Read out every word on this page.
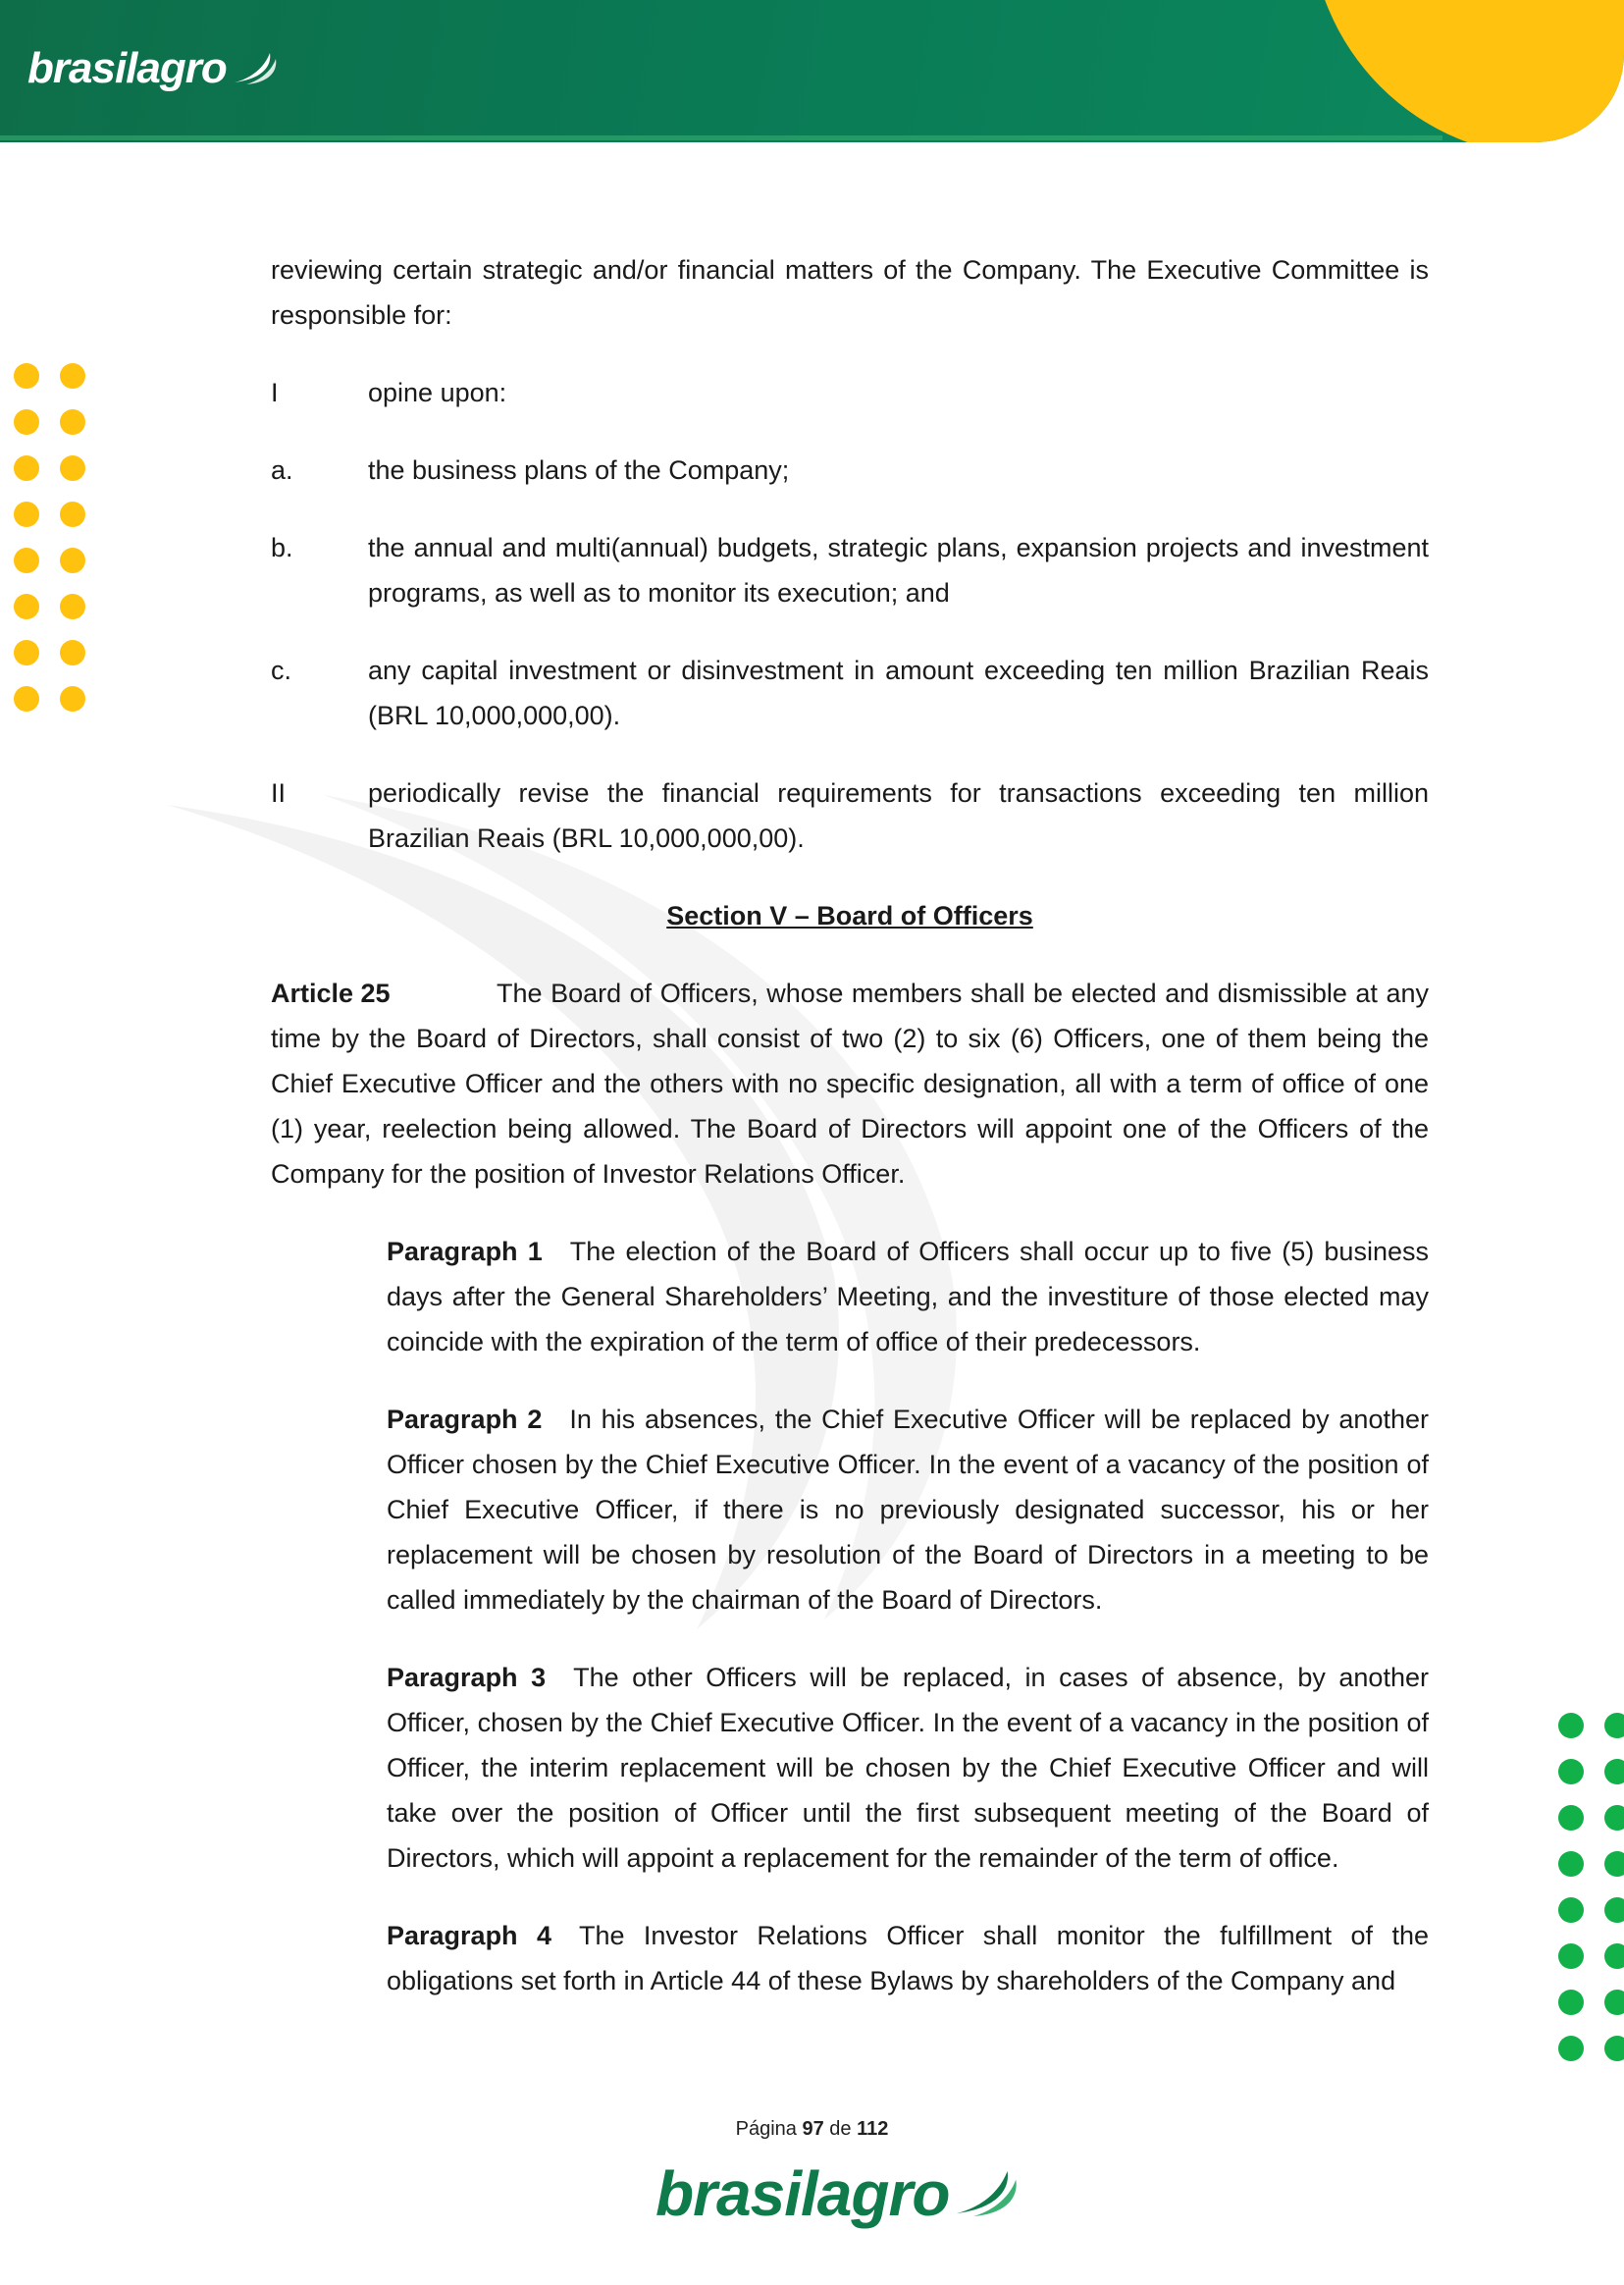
brasilagro

reviewing certain strategic and/or financial matters of the Company. The Executive Committee is responsible for:

I	opine upon:
a.	the business plans of the Company;
b.	the annual and multi(annual) budgets, strategic plans, expansion projects and investment programs, as well as to monitor its execution; and
c.	any capital investment or disinvestment in amount exceeding ten million Brazilian Reais (BRL 10,000,000,00).
II	periodically revise the financial requirements for transactions exceeding ten million Brazilian Reais (BRL 10,000,000,00).
Section V – Board of Officers

Article 25	The Board of Officers, whose members shall be elected and dismissible at any time by the Board of Directors, shall consist of two (2) to six (6) Officers, one of them being the Chief Executive Officer and the others with no specific designation, all with a term of office of one (1) year, reelection being allowed. The Board of Directors will appoint one of the Officers of the Company for the position of Investor Relations Officer.

Paragraph 1 The election of the Board of Officers shall occur up to five (5) business days after the General Shareholders’ Meeting, and the investiture of those elected may coincide with the expiration of the term of office of their predecessors.

Paragraph 2 In his absences, the Chief Executive Officer will be replaced by another Officer chosen by the Chief Executive Officer. In the event of a vacancy of the position of Chief Executive Officer, if there is no previously designated successor, his or her replacement will be chosen by resolution of the Board of Directors in a meeting to be called immediately by the chairman of the Board of Directors.

Paragraph 3 The other Officers will be replaced, in cases of absence, by another Officer, chosen by the Chief Executive Officer. In the event of a vacancy in the position of Officer, the interim replacement will be chosen by the Chief Executive Officer and will take over the position of Officer until the first subsequent meeting of the Board of Directors, which will appoint a replacement for the remainder of the term of office.

Paragraph 4 The Investor Relations Officer shall monitor the fulfillment of the obligations set forth in Article 44 of these Bylaws by shareholders of the Company and

Página 97 de 112
brasilagro
